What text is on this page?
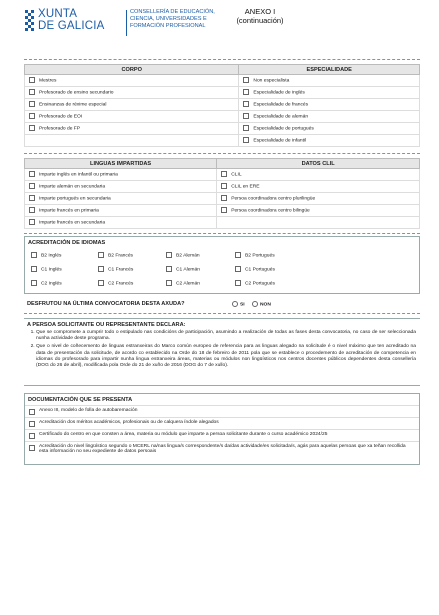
XUNTA
DE GALICIA
CONSELLERÍA DE EDUCACIÓN,
CIENCIA, UNIVERSIDADES E
FORMACIÓN PROFESIONAL
ANEXO I
(continuación)
CORPO	ESPECIALIDADE
Mestres	Non especialista
Profesorado de ensino secundario	Especialidade de inglés
Ensinanzas de réxime especial	Especialidade de francés
Profesorado de EOI	Especialidade de alemán
Profesorado de FP	Especialidade de portugués
	Especialidade de infantil
LINGUAS IMPARTIDAS	DATOS CLIL
Imparte inglés en infantil ou primaria	CLIL
Imparte alemán en secundaria	CLIL en ERE
Imparte portugués en secundaria	Persoa coordinadora centro plurilingüe
Imparte francés en primaria	Persoa coordinadora centro bilingüe
Imparte francés en secundaria	
ACREDITACIÓN DE IDIOMAS
B2 Inglés	B2 Francés	B2 Alemán	B2 Portugués
C1 Inglés	C1 Francés	C1 Alemán	C1 Portugués
C2 Inglés	C2 Francés	C2 Alemán	C2 Portugués
DESFRUTOU NA ÚLTIMA CONVOCATORIA DESTA AXUDA?	SI	NON
A PERSOA SOLICITANTE OU REPRESENTANTE DECLARA:
1. Que se compromete a cumprir todo o estipulado nas condicións de participación, asumindo a realización de todas as fases desta convocatoria, no caso de ser seleccionada nunha actividade deste programa.
2. Que o nivel de coñecemento de linguas estranxeiras do Marco común europeo de referencia para as linguas alegado na solicitude é o nivel máximo que ten acreditado na data de presentación da solicitude, de acordo co establecido na Orde do 18 de febreiro de 2011 pola que se establece o procedemento de acreditación de competencia en idiomas do profesorado para impartir nunha lingua estranxeira áreas, materias ou módulos non lingüísticos nos centros docentes públicos dependentes desta consellería (DOG do 26 de abril), modificada pola Orde do 21 de xuño de 2016 (DOG do 7 de xullo).
DOCUMENTACIÓN QUE SE PRESENTA
Anexo III, modelo de folla de autobaremación
Acreditación dos méritos académicos, profesionais ou de calquera índole alegados
Certificado do centro en que consten a área, materia ou módulo que imparte a persoa solicitante durante o curso académico 2024/25
Acreditación do nivel lingüístico segundo o MCERL na/nas lingua/s correspondente/s da/das actividade/es solicitada/s, agás para aquelas persoas que xa teñan recollida esta información no seu expediente de datos persoais
